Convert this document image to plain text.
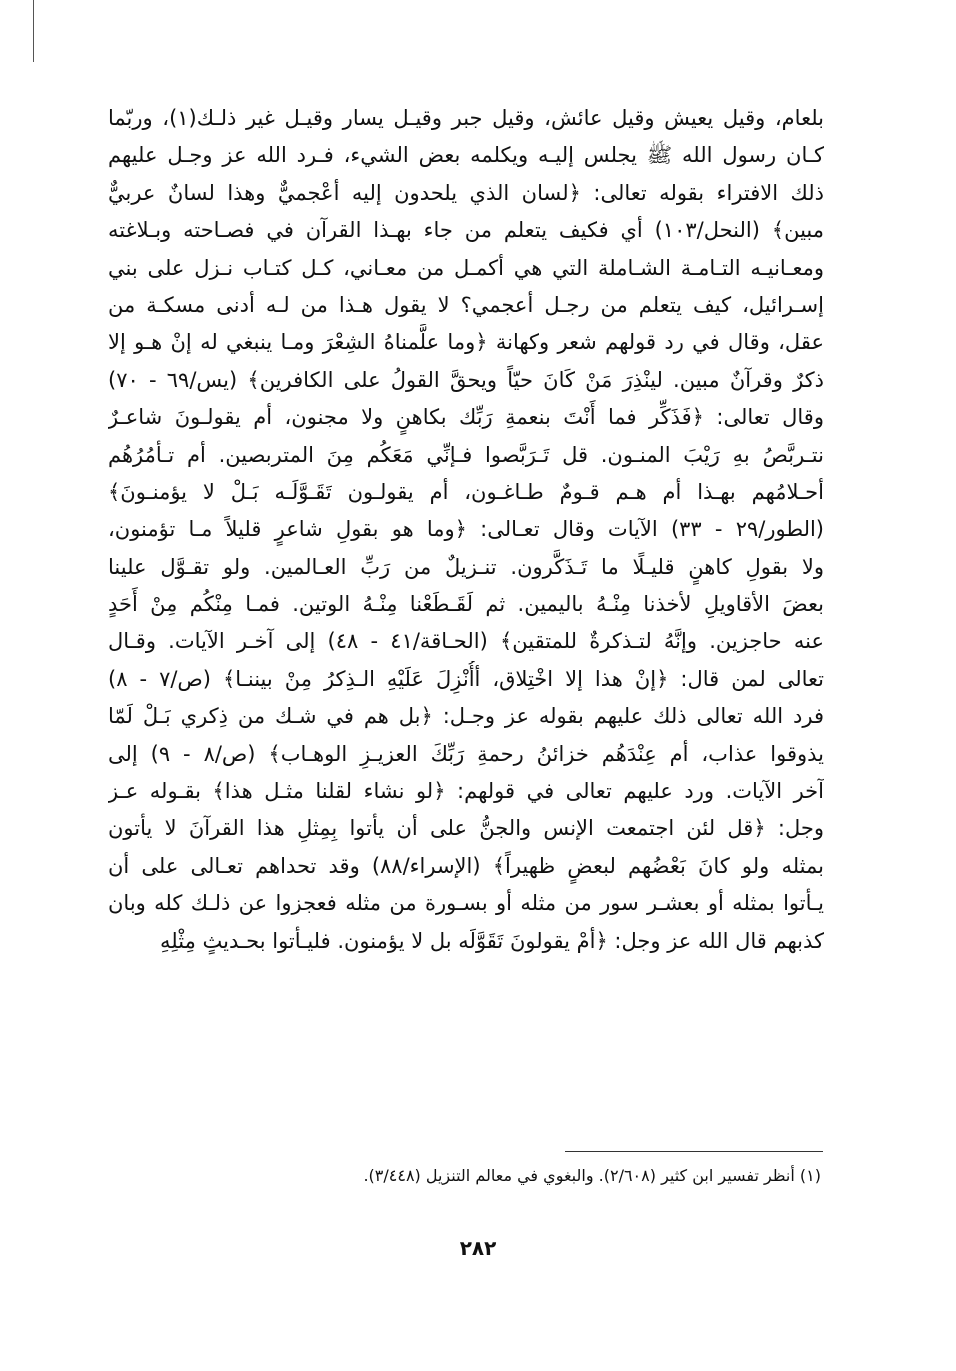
بلعام، وقيل يعيش وقيل عائش، وقيل جبر وقيـل يسار وقيـل غير ذلـك(١)، وربّما
كـان رسول الله ﷺ يجلس إليـه ويكلمه بعض الشيء، فـرد الله عز وجـل عليهم
ذلك الافتراء بقوله تعالى: ﴿لسان الذي يلحدون إليه أعْجميٌّ وهذا لسانٌ عربيٌّ
مبين﴾ (النحل/١٠٣) أي فكيف يتعلم من جاء بهـذا القرآن في فصـاحته وبـلاغته
ومعـانيـه التـامـة الشـاملة التي هي أكمـل من معـاني، كـل كتـاب نـزل على بني
إسـرائيل، كيف يتعلم من رجـل أعجمي؟ لا يقول هـذا من لـه أدنى مسكـة من
عقل، وقال في رد قولهم شعر وكهانة ﴿وما علَّمناهُ الشِعْرَ ومـا ينبغي له إنْ هـو إلا
ذكرٌ وقرآنٌ مبين. لينْذِرَ مَنْ كَانَ حيّاً ويحقَّ القولُ على الكافرين﴾ (يس/٦٩ - ٧٠)
وقال تعالى: ﴿فَذَكِّر فما أَنْتَ بنعمةِ رَبِّك بكاهنٍ ولا مجنون، أم يقولـونَ شاعـرٌ
نتـربَّصُ بهِ رَيْبَ المنـون. قل تَـرَبَّصوا فـإنِّي مَعَكُم مِنَ المتربصين. أم تـأمُرُهُم
أحـلامُهم بهـذا أم هـم قـومٌ طـاغـون، أم يقولـون تَقَـوَّلَـه بَـلْ لا يؤمنـونَ﴾
(الطور/٢٩ - ٣٣) الآيات وقال تعـالى: ﴿وما هو بقولِ شاعرٍ قليلاً مـا تؤمنون،
ولا بقولِ كاهنٍ قليـلًا ما تَـذَكَّرون. تنـزيلٌ من رَبِّ العـالمين. ولو تقـوَّل علينا
بعضَ الأقاويلِ لأخذنا مِنْـهُ باليمين. ثم لَقَـطَعْنا مِنْـهُ الوتين. فمـا مِنْكُم مِنْ أَحَدٍ
عنه حاجزين. وإنَّهُ لتـذكرةٌ للمتقين﴾ (الحـاقة/٤١ - ٤٨) إلى آخـر الآيات. وقـال
تعالى لمن قال: ﴿إنْ هذا إلا اخْتِلاق، أأُنْزِلَ عَلَيْهِ الـذِكرُ مِنْ بيننـا﴾ (ص/٧ - ٨)
فرد الله تعالى ذلك عليهم بقوله عز وجـل: ﴿بل هم في شـك من ذِكري بَـلْ لَمّا
يذوقوا عذاب، أم عِنْدَهُم خزائنُ رحمةِ رَبِّكَ العزيـزِ الوهـاب﴾ (ص/٨ - ٩) إلى
آخر الآيات. ورد عليهم تعالى في قولهم: ﴿لو نشاء لقلنا مثـل هذا﴾ بقـوله عـز
وجل: ﴿قل لئن اجتمعت الإنس والجنُّ على أن يأتوا بِمِثلِ هذا القرآنَ لا يأتون
بمثله ولو كانَ بَعْضُهم لبعضٍ ظهيراً﴾ (الإسراء/٨٨) وقد تحداهم تعـالى على أن
يـأتوا بمثله أو بعشـر سور من مثله أو بسـورة من مثله فعجزوا عن ذلـك كله وبان
كذبهم قال الله عز وجل: ﴿أمْ يقولونَ تَقَوَّلَه بل لا يؤمنون. فليـأتوا بحـديثٍ مِثْلِهِ
(١) أنظر تفسير ابن كثير (٢/٦٠٨). والبغوي في معالم التنزيل (٣/٤٤٨).
٢٨٢
